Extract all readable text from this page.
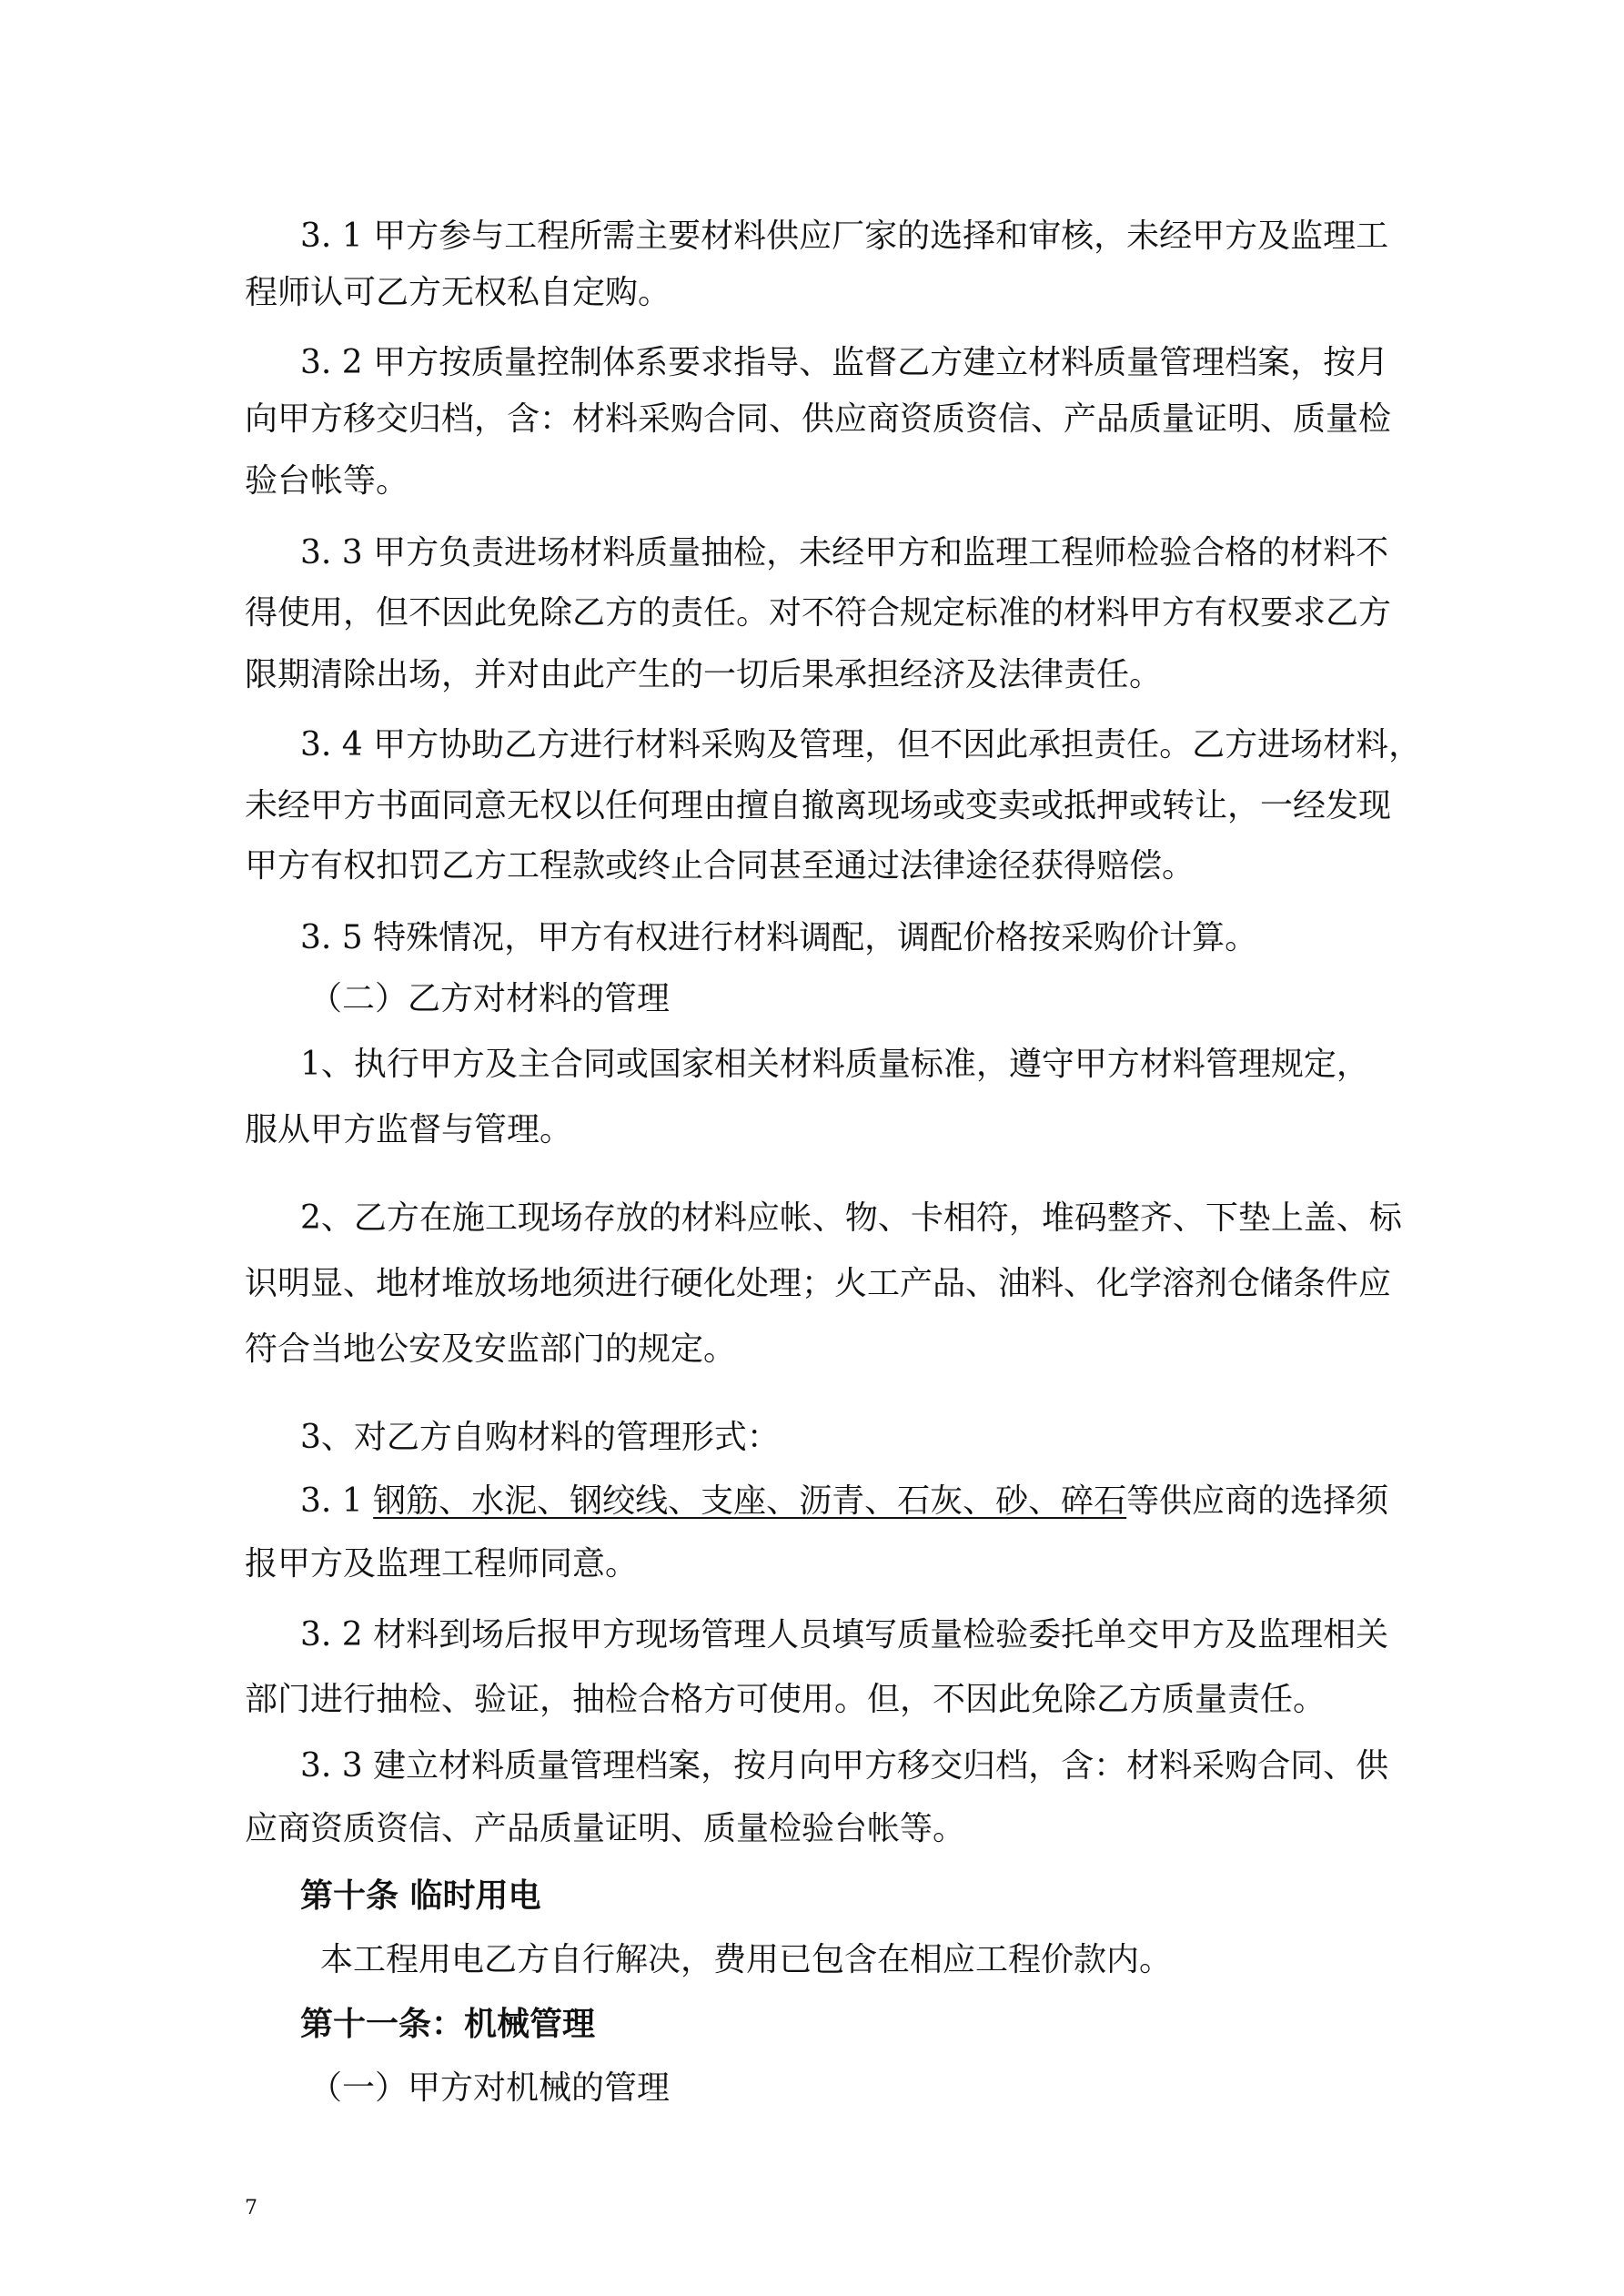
3. 1 甲方参与工程所需主要材料供应厂家的选择和审核，未经甲方及监理工

程师认可乙方无权私自定购。

3. 2 甲方按质量控制体系要求指导、监督乙方建立材料质量管理档案，按月

向甲方移交归档，含：材料采购合同、供应商资质资信、产品质量证明、质量检

验台帐等。

3. 3 甲方负责进场材料质量抽检，未经甲方和监理工程师检验合格的材料不

得使用，但不因此免除乙方的责任。对不符合规定标准的材料甲方有权要求乙方

限期清除出场，并对由此产生的一切后果承担经济及法律责任。

3. 4 甲方协助乙方进行材料采购及管理，但不因此承担责任。乙方进场材料，

未经甲方书面同意无权以任何理由擅自撤离现场或变卖或抵押或转让，一经发现

甲方有权扣罚乙方工程款或终止合同甚至通过法律途径获得赔偿。

3. 5 特殊情况，甲方有权进行材料调配，调配价格按采购价计算。

（二）乙方对材料的管理

1、执行甲方及主合同或国家相关材料质量标准，遵守甲方材料管理规定，

服从甲方监督与管理。

2、乙方在施工现场存放的材料应帐、物、卡相符，堆码整齐、下垫上盖、标

识明显、地材堆放场地须进行硬化处理；火工产品、油料、化学溶剂仓储条件应

符合当地公安及安监部门的规定。

3、对乙方自购材料的管理形式：

3. 1 钢筋、水泥、钢绞线、支座、沥青、石灰、砂、碎石等供应商的选择须

报甲方及监理工程师同意。

3. 2 材料到场后报甲方现场管理人员填写质量检验委托单交甲方及监理相关

部门进行抽检、验证，抽检合格方可使用。但，不因此免除乙方质量责任。

3. 3 建立材料质量管理档案，按月向甲方移交归档，含：材料采购合同、供

应商资质资信、产品质量证明、质量检验台帐等。

第十条 临时用电

本工程用电乙方自行解决，费用已包含在相应工程价款内。

第十一条：机械管理

（一）甲方对机械的管理

7
